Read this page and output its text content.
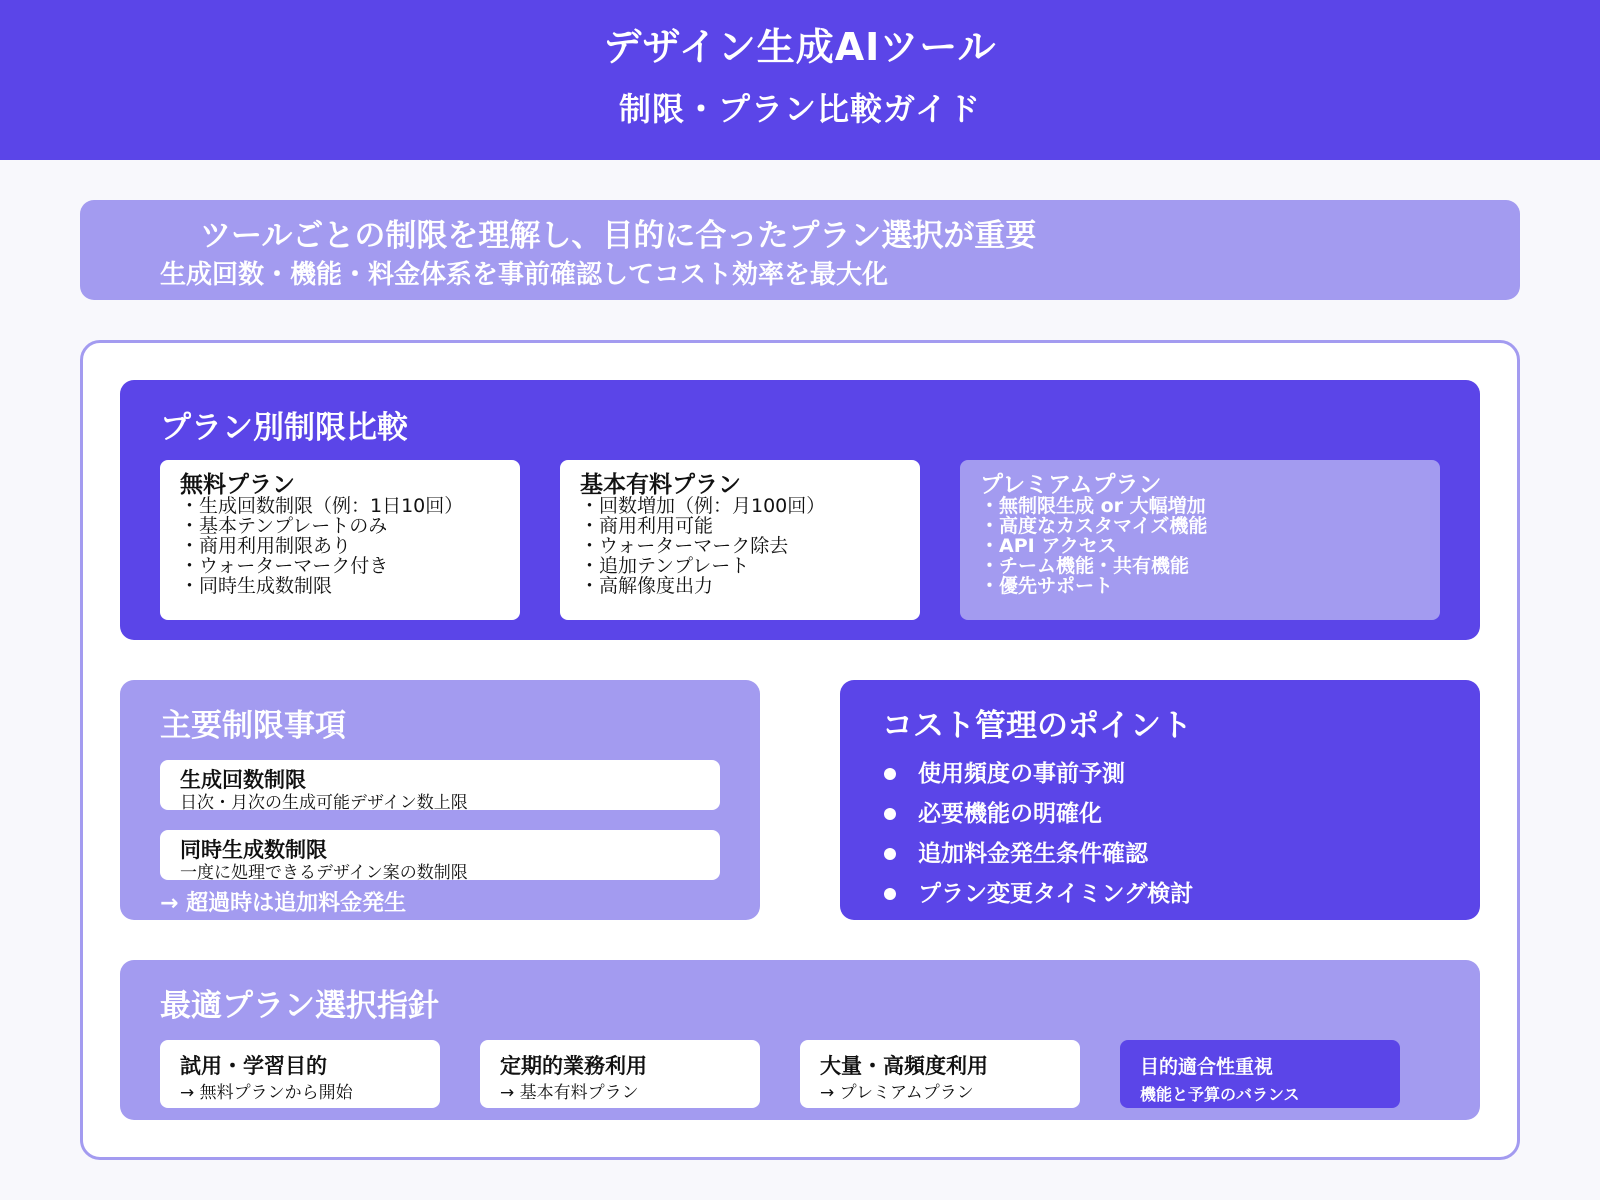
デザイン生成AIツール
制限・プラン比較ガイド
ツールごとの制限を理解し、目的に合ったプラン選択が重要
生成回数・機能・料金体系を事前確認してコスト効率を最大化
プラン別制限比較
無料プラン
・生成回数制限（例：1日10回）
・基本テンプレートのみ
・商用利用制限あり
・ウォーターマーク付き
・同時生成数制限
基本有料プラン
・回数増加（例：月100回）
・商用利用可能
・ウォーターマーク除去
・追加テンプレート
・高解像度出力
プレミアムプラン
・無制限生成 or 大幅増加
・高度なカスタマイズ機能
・API アクセス
・チーム機能・共有機能
・優先サポート
主要制限事項
生成回数制限
日次・月次の生成可能デザイン数上限
同時生成数制限
一度に処理できるデザイン案の数制限
→ 超過時は追加料金発生
コスト管理のポイント
使用頻度の事前予測
必要機能の明確化
追加料金発生条件確認
プラン変更タイミング検討
最適プラン選択指針
試用・学習目的
→ 無料プランから開始
定期的業務利用
→ 基本有料プラン
大量・高頻度利用
→ プレミアムプラン
目的適合性重視
機能と予算のバランス
